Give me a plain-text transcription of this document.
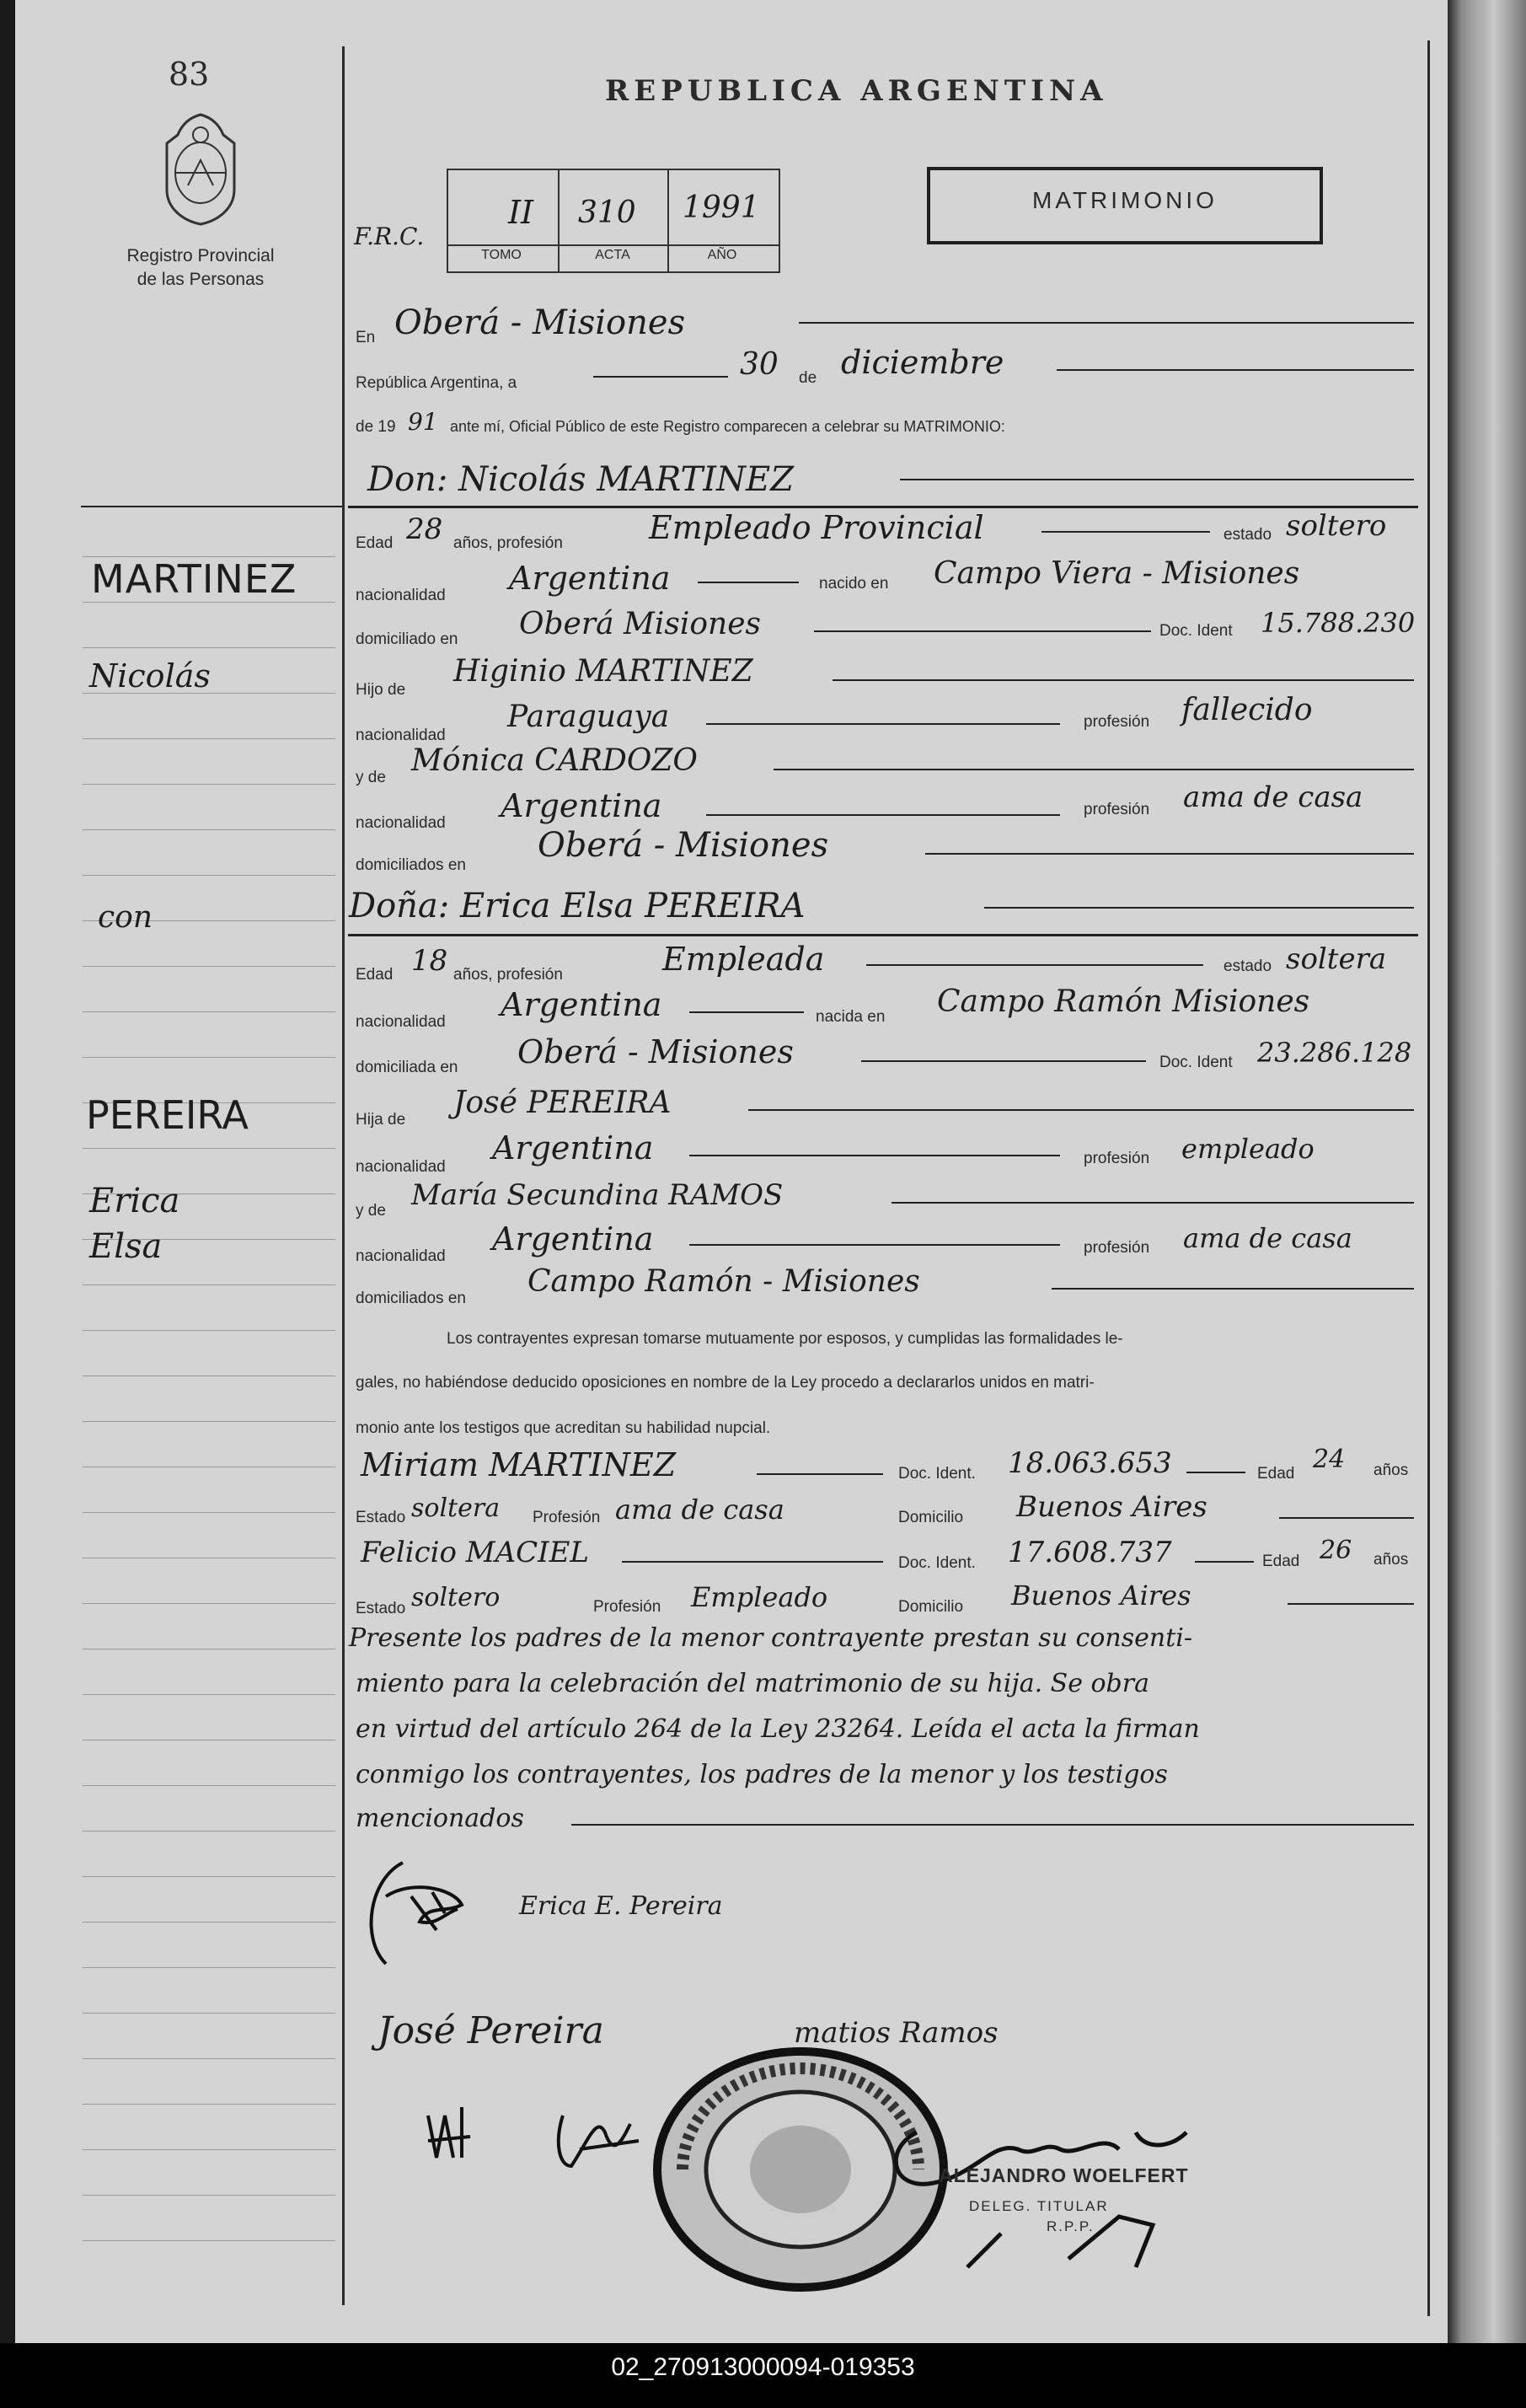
83
Registro Provincial
de las Personas
MARTINEZ
Nicolás
con
PEREIRA
Erica
Elsa
REPUBLICA ARGENTINA
MATRIMONIO
F.R.C.
II 310 1991
TOMO	ACTA	AÑO
En Oberá - Misiones
República Argentina, a
30 de diciembre
de 19 91 ante mí, Oficial Público de este Registro comparecen a celebrar su MATRIMONIO:
Don: Nicolás MARTINEZ
Edad 28 años, profesión	Empleado Provincial	estado soltero
nacionalidad Argentina	nacido en Campo Viera - Misiones
domiciliado en Oberá Misiones	Doc. Ident 15.788.230
Hijo de
Higinio MARTINEZ
nacionalidad
Paraguaya	profesión fallecido
y de Mónica CARDOZO
nacionalidad Argentina	profesión ama de casa
domiciliados en
Oberá - Misiones
Doña: Erica Elsa PEREIRA
Edad 18 años, profesión	Empleada	estado soltera
nacionalidad Argentina	nacida en Campo Ramón Misiones
domiciliada en Oberá - Misiones	Doc. Ident 23.286.128
Hija de José PEREIRA
nacionalidad
Argentina	profesión empleado
y de María Secundina RAMOS
nacionalidad Argentina	profesión ama de casa
domiciliados en Campo Ramón - Misiones
Los contrayentes expresan tomarse mutuamente por esposos, y cumplidas las formalidades le-
gales, no habiéndose deducido oposiciones en nombre de la Ley procedo a declararlos unidos en matri-
monio ante los testigos que acreditan su habilidad nupcial.
Miriam MARTINEZ	Doc. Ident. 18.063.653	Edad 24 años
Estado soltera Profesión ama de casa	Domicilio Buenos Aires
Felicio MACIEL	Doc. Ident. 17.608.737	Edad 26 años
Estado soltero	Profesión Empleado	Domicilio Buenos Aires
Presente los padres de la menor contrayente prestan su consenti-
miento para la celebración del matrimonio de su hija. Se obra
en virtud del artículo 264 de la Ley 23264. Leída el acta la firman
conmigo los contrayentes, los padres de la menor y los testigos
mencionados
Erica E. Pereira
José Pereira	matios Ramos
ALEJANDRO WOELFERT
DELEG. TITULAR
R.P.P.
02_270913000094-019353
